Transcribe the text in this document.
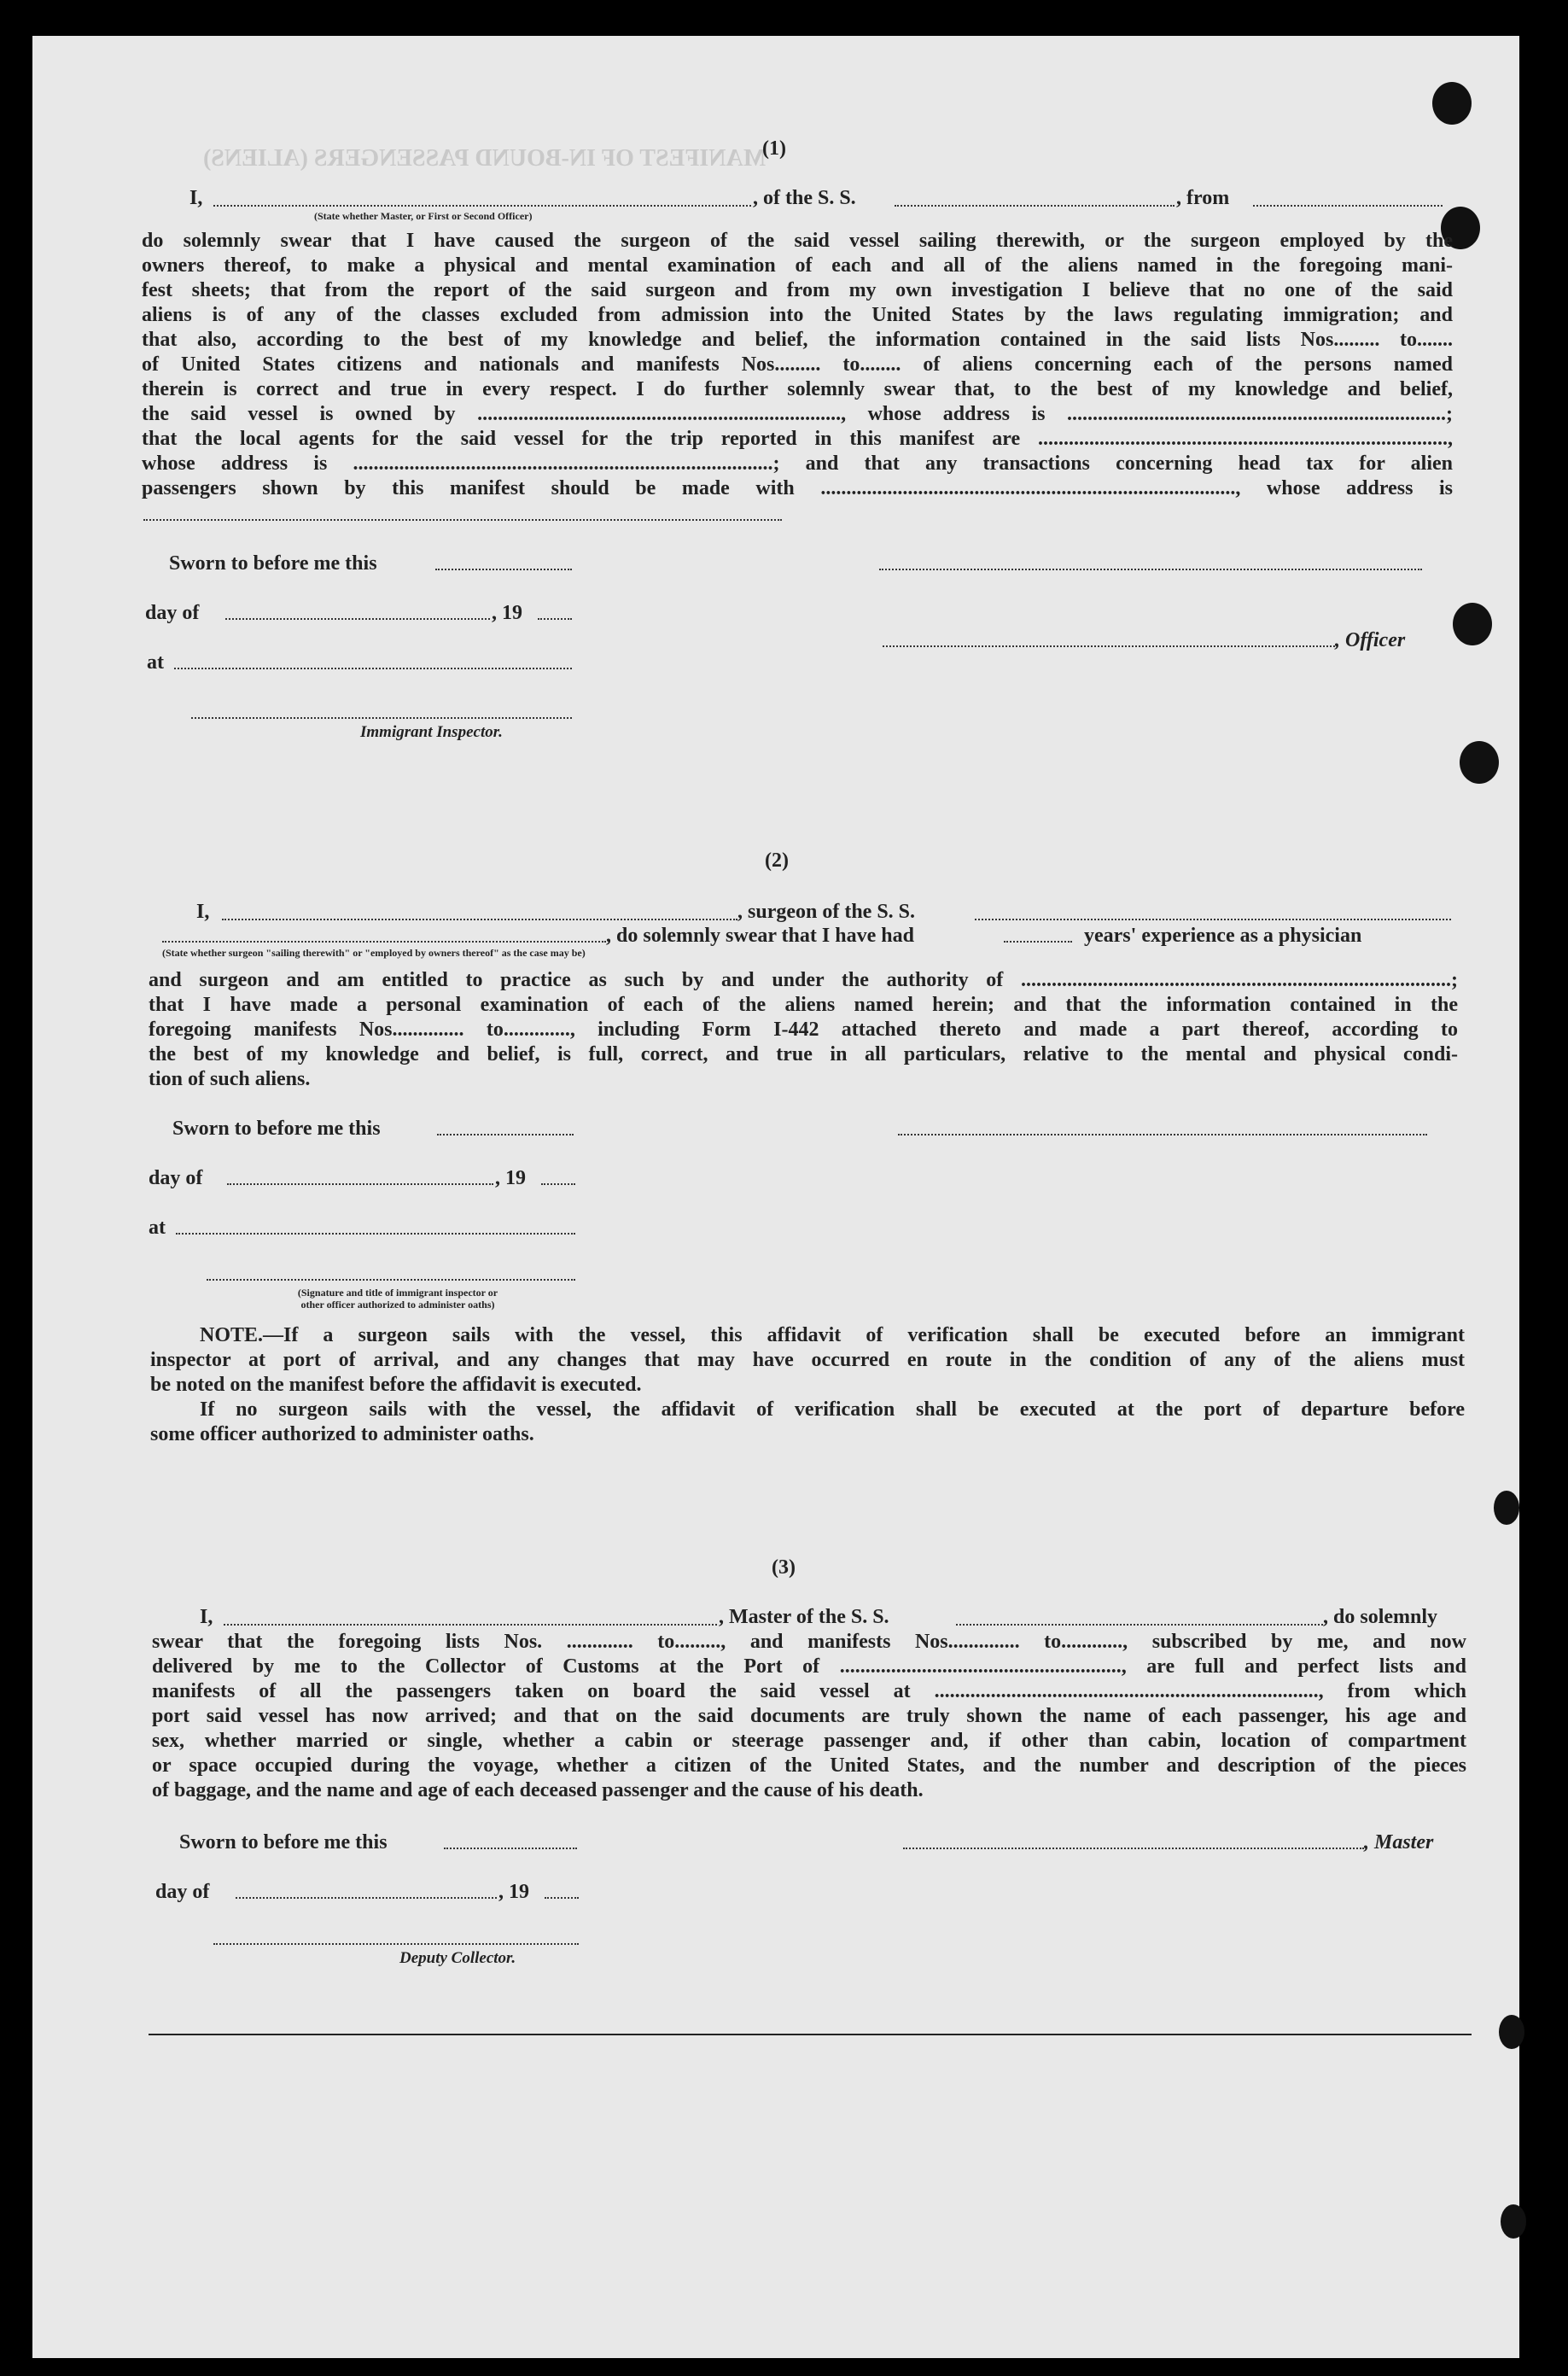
MANIFEST OF IN-BOUND PASSENGERS (ALIENS)
(1)
I,	, of the S. S.	, from
(State whether Master, or First or Second Officer)
do solemnly swear that I have caused the surgeon of the said vessel sailing therewith, or the surgeon employed by the
owners thereof, to make a physical and mental examination of each and all of the aliens named in the foregoing mani-
fest sheets; that from the report of the said surgeon and from my own investigation I believe that no one of the said
aliens is of any of the classes excluded from admission into the United States by the laws regulating immigration; and
that also, according to the best of my knowledge and belief, the information contained in the said lists Nos......... to.......
of United States citizens and nationals and manifests Nos......... to........ of aliens concerning each of the persons named
therein is correct and true in every respect. I do further solemnly swear that, to the best of my knowledge and belief,
the said vessel is owned by ......................................................................., whose address is ..........................................................................;
that the local agents for the said vessel for the trip reported in this manifest are ................................................................................,
whose address is ..................................................................................; and that any transactions concerning head tax for alien
passengers shown by this manifest should be made with ................................................................................., whose address is
Sworn to before me this
day of	, 19
, Officer
at
Immigrant Inspector.
(2)
I,	, surgeon of the S. S.
, do solemnly swear that I have had	years' experience as a physician
(State whether surgeon "sailing therewith" or "employed by owners thereof" as the case may be)
and surgeon and am entitled to practice as such by and under the authority of ....................................................................................;
that I have made a personal examination of each of the aliens named herein; and that the information contained in the
foregoing manifests Nos.............. to............., including Form I-442 attached thereto and made a part thereof, according to
the best of my knowledge and belief, is full, correct, and true in all particulars, relative to the mental and physical condi-
tion of such aliens.
Sworn to before me this
day of	, 19
at
(Signature and title of immigrant inspector or
other officer authorized to administer oaths)
NOTE.—If a surgeon sails with the vessel, this affidavit of verification shall be executed before an immigrant
inspector at port of arrival, and any changes that may have occurred en route in the condition of any of the aliens must
be noted on the manifest before the affidavit is executed.
If no surgeon sails with the vessel, the affidavit of verification shall be executed at the port of departure before
some officer authorized to administer oaths.
(3)
I,	, Master of the S. S.	, do solemnly
swear that the foregoing lists Nos. ............. to........., and manifests Nos.............. to............, subscribed by me, and now
delivered by me to the Collector of Customs at the Port of ......................................................., are full and perfect lists and
manifests of all the passengers taken on board the said vessel at ..........................................................................., from which
port said vessel has now arrived; and that on the said documents are truly shown the name of each passenger, his age and
sex, whether married or single, whether a cabin or steerage passenger and, if other than cabin, location of compartment
or space occupied during the voyage, whether a citizen of the United States, and the number and description of the pieces
of baggage, and the name and age of each deceased passenger and the cause of his death.
Sworn to before me this	, Master
day of	, 19
Deputy Collector.
